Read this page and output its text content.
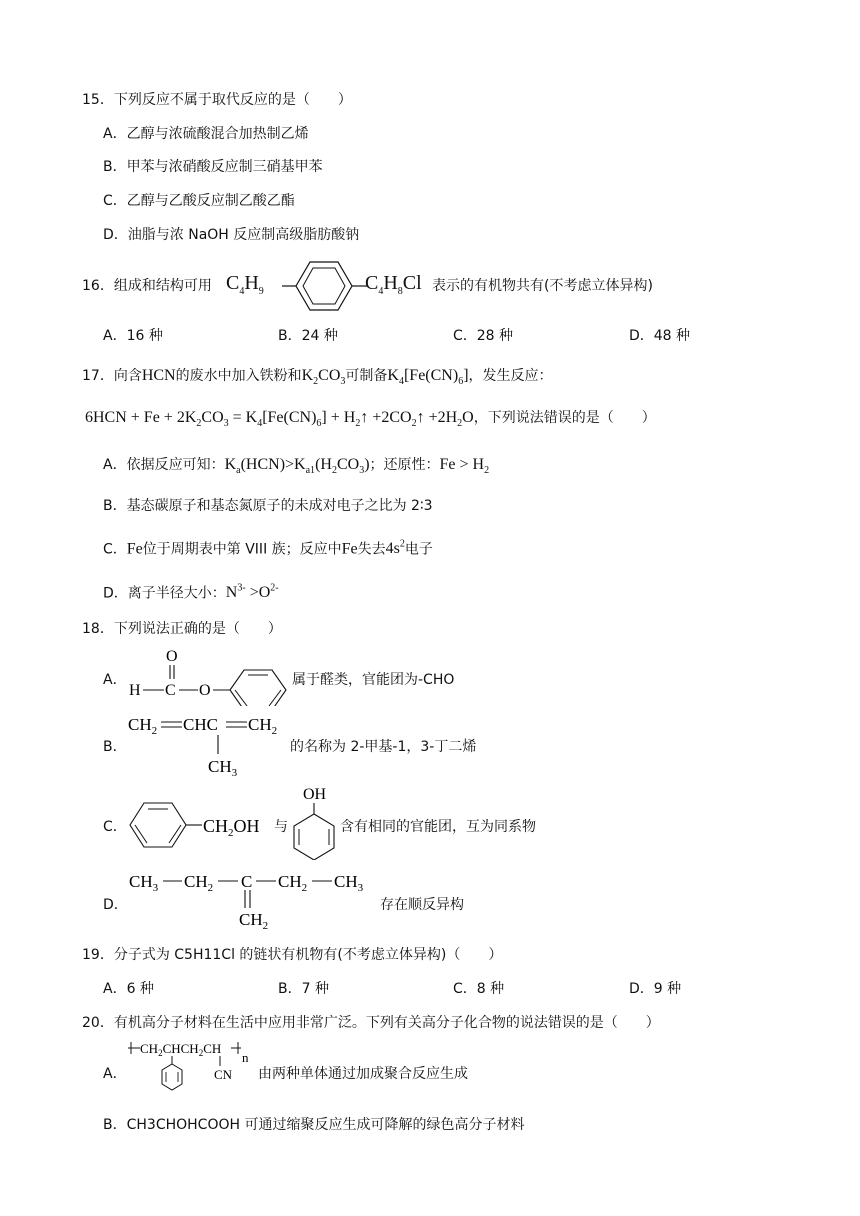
15．下列反应不属于取代反应的是（　　）
A．乙醇与浓硫酸混合加热制乙烯
B．甲苯与浓硝酸反应制三硝基甲苯
C．乙醇与乙酸反应制乙酸乙酯
D．油脂与浓 NaOH 反应制高级脂肪酸钠
16．组成和结构可用 $C_4H_9$	$C_4H_8Cl$ 表示的有机物共有(不考虑立体异构)
A．16 种	B．24 种	C．28 种	D．48 种
17．向含HCN的废水中加入铁粉和$K_2CO_3$可制备$K_4[Fe(CN)_6]$，发生反应：
$6HCN + Fe + 2K_2CO_3 = K_4[Fe(CN)_6]$ + $H_2↑$ $+2CO_2↑ +2H_2O$，下列说法错误的是（　　）
A．依据反应可知：$K_a(HCN)>K_{a1}(H_2CO_3)$；还原性：$Fe > H_2$
B．基态碳原子和基态氮原子的未成对电子之比为 2∶3
C．Fe位于周期表中第 VIII 族；反应中Fe失去$4s^2$电子
D．离子半径大小：$N^{3-} >O^{2-}$
18．下列说法正确的是（　　）
A．
O
H C O
属于醛类，官能团为-CHO
B．
$CH_2$ CHC $CH_2$
$CH_3$
的名称为 2-甲基-1，3-丁二烯
C．	$CH_2OH$ 与
OH
含有相同的官能团，互为同系物
D．
$CH_3$ $CH_2$ C $CH_2$ $CH_3$
$CH_2$
存在顺反异构
19．分子式为 C5H11Cl 的链状有机物有(不考虑立体异构)（　　）
A．6 种	B．7 种	C．8 种	D．9 种
20．有机高分子材料在生活中应用非常广泛。下列有关高分子化合物的说法错误的是（　　）
A．
$CH_2CHCH_2CH$
n
CN 由两种单体通过加成聚合反应生成
B．CH3CHOHCOOH 可通过缩聚反应生成可降解的绿色高分子材料
